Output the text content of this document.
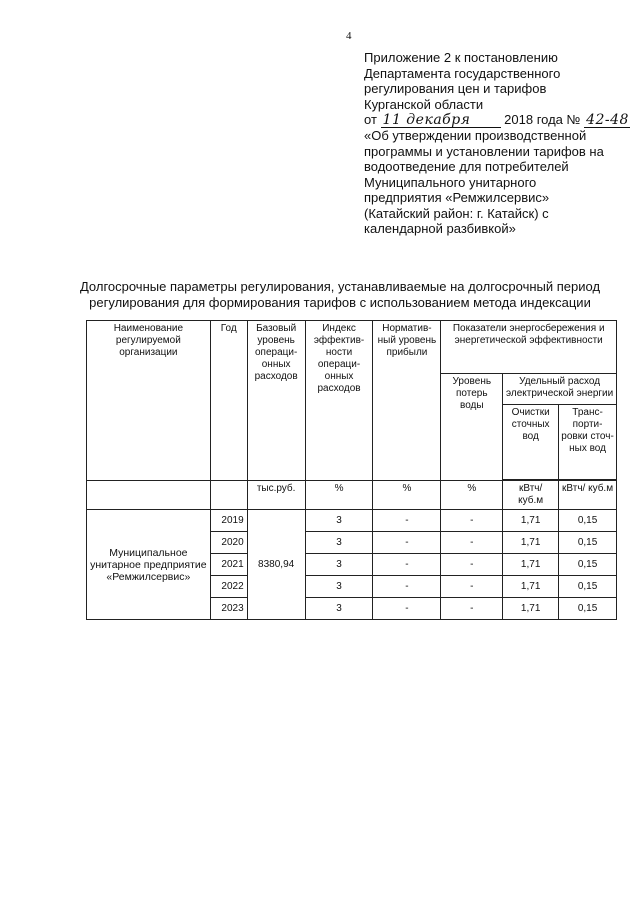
4
Приложение 2 к постановлению
Департамента государственного
регулирования цен и тарифов
Курганской области
от 11 декабря	2018 года № 42-48
«Об утверждении производственной
программы и установлении тарифов на
водоотведение для потребителей
Муниципального унитарного
предприятия «Ремжилсервис»
(Катайский район: г. Катайск) с
календарной разбивкой»
Долгосрочные параметры регулирования, устанавливаемые на долгосрочный период
регулирования для формирования тарифов с использованием метода индексации
Наименование регулируемой организации	Год	Базовый уровень операци-онных расходов	Индекс эффектив-ности операци-онных расходов	Норматив-ный уровень прибыли	Показатели энергосбережения и энергетической эффективности		
					Уровень потерь воды	Удельный расход электрической энергии	
						Очистки сточных вод	Транс-порти-ровки сточ-ных вод

		тыс.руб.	%	%	%	кВтч/ куб.м	кВтч/ куб.м
Муниципальное унитарное предприятие «Ремжилсервис»	2019	8380,94	3	-	-	1,71	0,15
	2020		3	-	-	1,71	0,15
	2021		3	-	-	1,71	0,15
	2022		3	-	-	1,71	0,15
	2023		3	-	-	1,71	0,15
